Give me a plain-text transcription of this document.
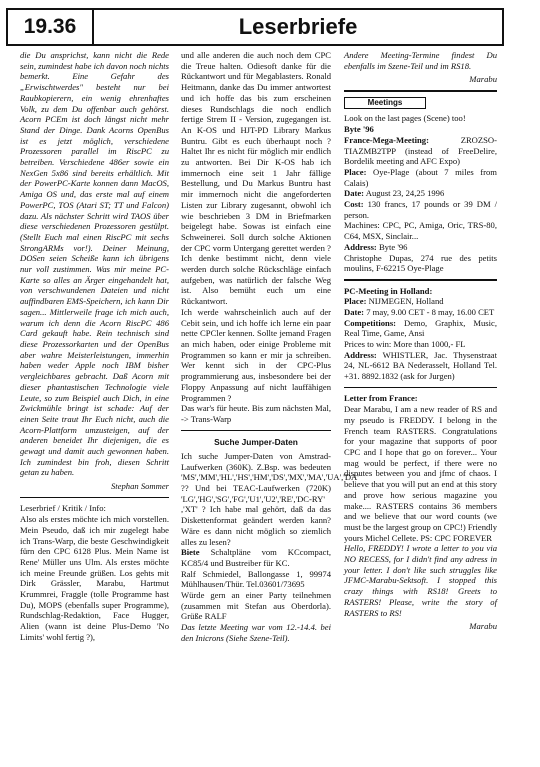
19.36	Leserbriefe

die Du ansprichst, kann nicht die Rede sein, zumindest habe ich davon noch nichts bemerkt. Eine Gefahr des „Erwischtwerdes" besteht nur bei Raubkopierern, ein wenig ehrenhaftes Volk, zu dem Du offenbar auch gehörst. Acorn PCEm ist doch längst nicht mehr Stand der Dinge. Dank Acorns OpenBus ist es jetzt möglich, verschiedene Prozessoren parallel im RiscPC zu betreiben. Verschiedene 486er sowie ein NexGen 5x86 sind bereits erhältlich. Mit der PowerPC-Karte konnen dann MacOS, Amiga OS und, das erste mal auf einem PowerPC, TOS (Atari ST; TT und Falcon) dazu. Als nächster Schritt wird TAOS über diese verschiedenen Prozessoren gestülpt. (Stellt Euch mal einen RiscPC mit sechs StrongARMs vor!). Deiner Meinung, DOSen seien Scheiße kann ich übrigens nur voll zustimmen. Was mir meine PC-Karte so alles an Ärger eingehandelt hat, von verschwundenen Dateien und nicht auffindbaren EMS-Speichern, ich kann Dir sagen... Mittlerweile frage ich mich auch, warum ich denn die Acorn RiscPC 486 Card gekauft habe. Rein technisch sind diese Prozessorkarten und der OpenBus aber wahre Meisterleistungen, immerhin haben weder Apple noch IBM bisher vergleichbares gebracht. Daß Acorn mit dieser phantastischen Technologie viele Leute, so zum Beispiel auch Dich, in eine Zwickmühle bringt ist schade: Auf der einen Seite traut Ihr Euch nicht, auch die Acorn-Plattform umzusteigen, auf der anderen beneidet Ihr diejenigen, die es gewagt und damit auch gewonnen haben. Ich zumindest bin froh, diesen Schritt getan zu haben.

Stephan Sommer

Leserbrief / Kritik / Info:

Also als erstes möchte ich mich vorstellen. Mein Pseudo, daß ich mir zugelegt habe ich Trans-Warp, die beste Geschwindigkeit fürn den CPC 6128 Plus. Mein Name ist Rene' Müller uns Ulm. Als erstes möchte ich meine Freunde grüßen. Los gehts mit Dirk Grässler, Marabu, Hartmut Krummrei, Fraggle (tolle Programme hast Du), MOPS (ebenfalls super Programme), Rundschlag-Redaktion, Face Hugger, Alien (wann ist deine Plus-Demo 'No Limits' wohl fertig ?),

und alle anderen die auch noch dem CPC die Treue halten. Odiesoft danke für die Rückantwort und für Megablasters. Ronald Heitmann, danke das Du immer antwortest und ich hoffe das bis zum erscheinen dieses Rundschlags die noch endlich fertige Strem II - Version, zugegangen ist. An K-OS und HJT-PD Library Markus Buntru. Gibt es euch überhaupt noch ? Haltet Ihr es nicht für möglich mir endlich zu antworten. Bei Dir K-OS hab ich immernoch eine seit 1 Jahr fällige Bestellung, und Du Markus Buntru hast mir immernoch nicht die angeforderten Listen zur Library zugesannt, obwohl ich wie beschrieben 3 DM in Briefmarken beigelegt habe. Sowas ist einfach eine Schweinerei. Soll durch solche Aktionen der CPC vorm Untergang gerettet werden ? Ich denke bestimmt nicht, denn viele werden durch solche Rückschläge einfach aufgeben, was natürlich der falsche Weg ist. Also bemüht euch um eine Rückantwort.

Ich werde wahrscheinlich auch auf der Cebit sein, und ich hoffe ich lerne ein paar nette CPCler kennen. Sollte jemand Fragen an mich haben, oder einige Probleme mit Programmen so kann er mir ja schreiben. Wer kennt sich in der CPC-Plus programmierung aus, insbesondere bei der Floppy Anpassung auf nicht lauffähigen Programmen ?

Das war's für heute. Bis zum nächsten Mal, -> Trans-Warp

Suche Jumper-Daten

Ich suche Jumper-Daten von Amstrad-Laufwerken (360K). Z.Bsp. was bedeuten 'MS','MM','HL','HS','HM','DS','MX','MA','UA','DA' ?? Und bei TEAC-Laufwerken (720K) 'LG','HG','SG','FG','U1','U2','RE','DC-RY' ,'XT' ? Ich habe mal gehört, daß da das Diskettenformat geändert werden kann? Wäre es dann nicht möglich so ziemlich alles zu lesen?

Biete Schaltpläne vom KCcompact, KC85/4 und Bustreiber für KC.

Ralf Schmiedel, Ballongasse 1, 99974 Mühlhausen/Thür. Tel.03601/73695

Würde gern an einer Party teilnehmen (zusammen mit Stefan aus Oberdorla). Grüße RALF

Das letzte Meeting war vom 12.-14.4. bei den Inicrons (Siehe Szene-Teil).

Andere Meeting-Termine findest Du ebenfalls im Szene-Teil und im RS18.

Marabu
Meetings

Look on the last pages (Scene) too!

Byte '96

France-Mega-Meeting:	ZROZSO-TIAZMB2TPP (instead of FreeDelire, Bordelik meeting and AFC Expo)

Place: Oye-Plage (about 7 miles from Calais)

Date: August 23, 24,25 1996

Cost: 130 francs, 17 pounds or 39 DM / person.

Machines: CPC, PC, Amiga, Oric, TRS-80, C64, MSX, Sinclair...

Address: Byte '96

Christophe Dupas, 274 rue des petits moulins, F-62215 Oye-Plage

PC-Meeting in Holland:

Place: NIJMEGEN, Holland

Date: 7 may, 9.00 CET - 8 may, 16.00 CET

Competitions: Demo, Graphix, Music, Real Time, Game, Ansi

Prices to win: More than 1000,- FL

Address: WHISTLER, Jac. Thysenstraat 24, NL-6612 BA Nederasselt, Holland Tel. +31. 8892.1832 (ask for Jurgen)

Letter from France:

Dear Marabu, I am a new reader of RS and my pseudo is FREDDY. I belong in the French team RASTERS. Congratulations for your magazine that supports of poor CPC and I hope that go on forever... Your mag would be perfect, if there were no disputes between you and jfmc of chaos. I believe that you will put an end at this story and prove how serious magazine you make.... RASTERS contains 36 members and we believe that our word counts (we must be the largest group on CPC!) Friendly yours Michel Cellete. PS: CPC FOREVER

Hello, FREDDY! I wrote a letter to you via NO RECESS, for I didn't find any adress in your letter. I don't like such struggles like JFMC-Marabu-Sektsoft. I stopped this crazy things with RS18! Greets to RASTERS! Please, write the story of RASTERS to RS!

Marabu
